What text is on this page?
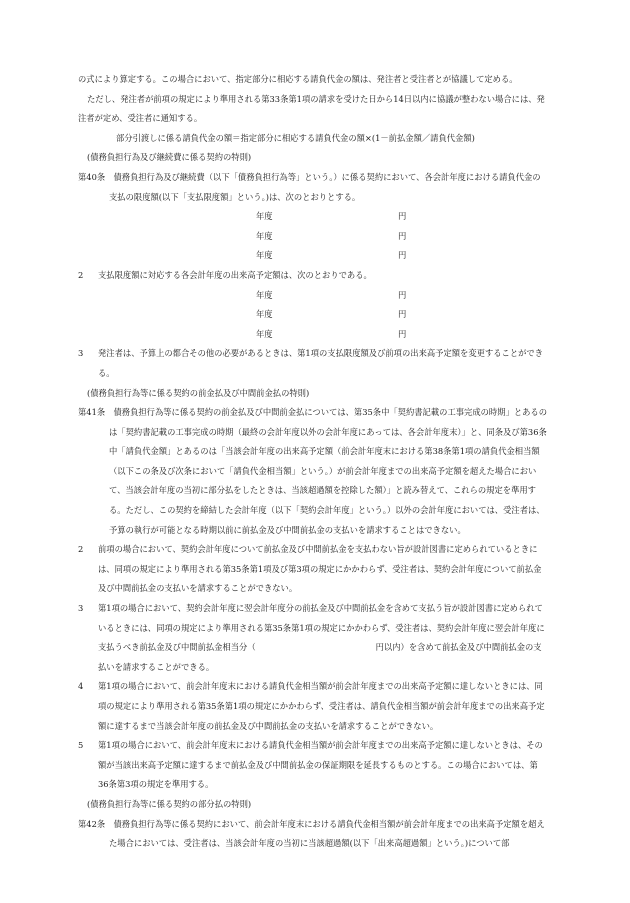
の式により算定する。この場合において、指定部分に相応する請負代金の額は、発注者と受注者とが協議して定める。

ただし、発注者が前項の規定により準用される第33条第1項の請求を受けた日から14日以内に協議が整わない場合には、発注者が定め、受注者に通知する。

部分引渡しに係る請負代金の額＝指定部分に相応する請負代金の額×(1－前払金額／請負代金額)

(債務負担行為及び継続費に係る契約の特則)

第40条　 債務負担行為及び継続費（以下「債務負担行為等」という。）に係る契約において、各会計年度における請負代金の支払の限度額(以下「支払限度額」という。)は、次のとおりとする。

年度	円
年度	円
年度	円

2 支払限度額に対応する各会計年度の出来高予定額は、次のとおりである。

年度	円
年度	円
年度	円

3 発注者は、予算上の都合その他の必要があるときは、第1項の支払限度額及び前項の出来高予定額を変更することができる。

(債務負担行為等に係る契約の前金払及び中間前金払の特則)

第41条　 債務負担行為等に係る契約の前金払及び中間前金払については、第35条中「契約書記載の工事完成の時期」とあるのは「契約書記載の工事完成の時期（最終の会計年度以外の会計年度にあっては、各会計年度末）」と、同条及び第36条中「請負代金額」とあるのは「当該会計年度の出来高予定額（前会計年度末における第38条第1項の請負代金相当額（以下この条及び次条において「請負代金相当額」という。）が前会計年度までの出来高予定額を超えた場合において、当該会計年度の当初に部分払をしたときは、当該超過額を控除した額）」と読み替えて、これらの規定を準用する。ただし、この契約を締結した会計年度（以下「契約会計年度」という。）以外の会計年度においては、受注者は、予算の執行が可能となる時期以前に前払金及び中間前払金の支払いを請求することはできない。

2 前項の場合において、契約会計年度について前払金及び中間前払金を支払わない旨が設計図書に定められているときには、同項の規定により準用される第35条第1項及び第3項の規定にかかわらず、受注者は、契約会計年度について前払金及び中間前払金の支払いを請求することができない。

3 第1項の場合において、契約会計年度に翌会計年度分の前払金及び中間前払金を含めて支払う旨が設計図書に定められているときには、同項の規定により準用される第35条第1項の規定にかかわらず、受注者は、契約会計年度に翌会計年度に支払うべき前払金及び中間前払金相当分（	円以内）を含めて前払金及び中間前払金の支払いを請求することができる。

4 第1項の場合において、前会計年度末における請負代金相当額が前会計年度までの出来高予定額に達しないときには、同項の規定により準用される第35条第1項の規定にかかわらず、受注者は、請負代金相当額が前会計年度までの出来高予定額に達するまで当該会計年度の前払金及び中間前払金の支払いを請求することができない。

5 第1項の場合において、前会計年度末における請負代金相当額が前会計年度までの出来高予定額に達しないときは、その額が当該出来高予定額に達するまで前払金及び中間前払金の保証期限を延長するものとする。この場合においては、第36条第3項の規定を準用する。

(債務負担行為等に係る契約の部分払の特則)

第42条　 債務負担行為等に係る契約において、前会計年度末における請負代金相当額が前会計年度までの出来高予定額を超えた場合においては、受注者は、当該会計年度の当初に当該超過額(以下「出来高超過額」という。)について部
